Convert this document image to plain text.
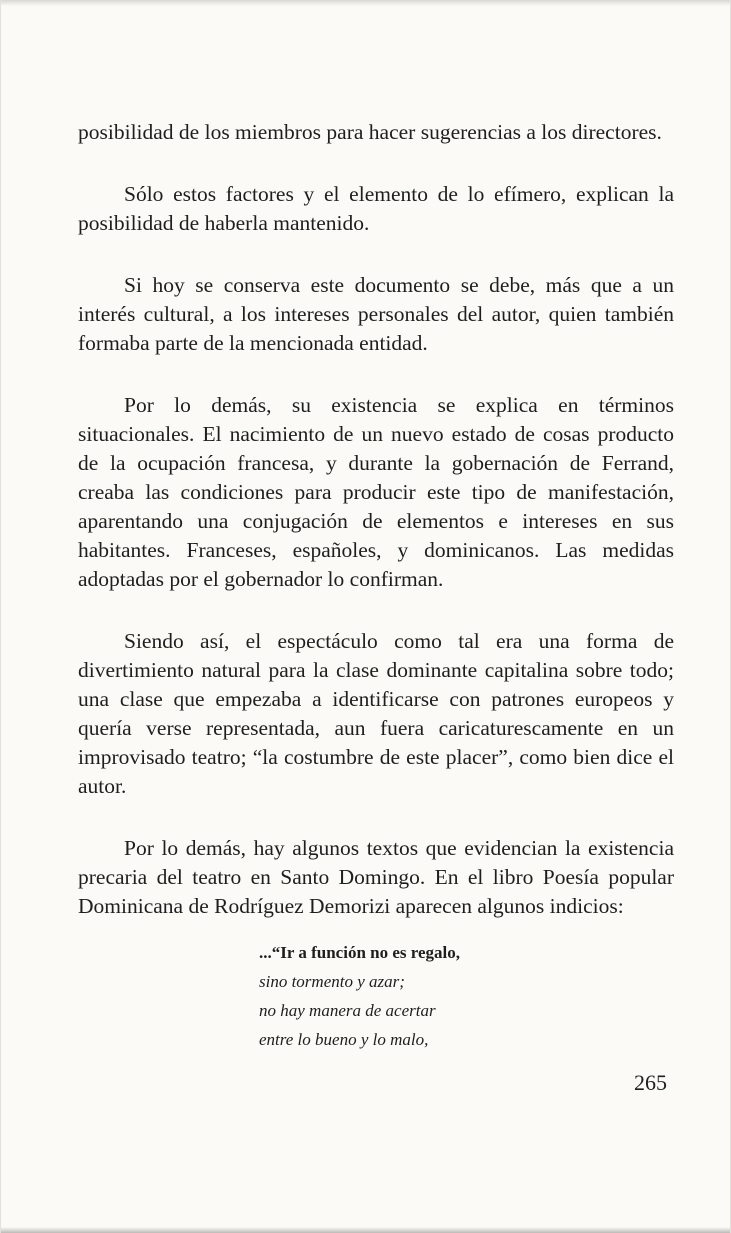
posibilidad de los miembros para hacer sugerencias a los directores.

Sólo estos factores y el elemento de lo efímero, explican la posibilidad de haberla mantenido.

Si hoy se conserva este documento se debe, más que a un interés cultural, a los intereses personales del autor, quien también formaba parte de la mencionada entidad.

Por lo demás, su existencia se explica en términos situacionales. El nacimiento de un nuevo estado de cosas producto de la ocupación francesa, y durante la gobernación de Ferrand, creaba las condiciones para producir este tipo de manifestación, aparentando una conjugación de elementos e intereses en sus habitantes. Franceses, españoles, y dominicanos. Las medidas adoptadas por el gobernador lo confirman.

Siendo así, el espectáculo como tal era una forma de divertimiento natural para la clase dominante capitalina sobre todo; una clase que empezaba a identificarse con patrones europeos y quería verse representada, aun fuera caricaturescamente en un improvisado teatro; “la costumbre de este placer”, como bien dice el autor.

Por lo demás, hay algunos textos que evidencian la existencia precaria del teatro en Santo Domingo. En el libro Poesía popular Dominicana de Rodríguez Demorizi aparecen algunos indicios:

...“Ir a función no es regalo,
sino tormento y azar;
no hay manera de acertar
entre lo bueno y lo malo,
265
